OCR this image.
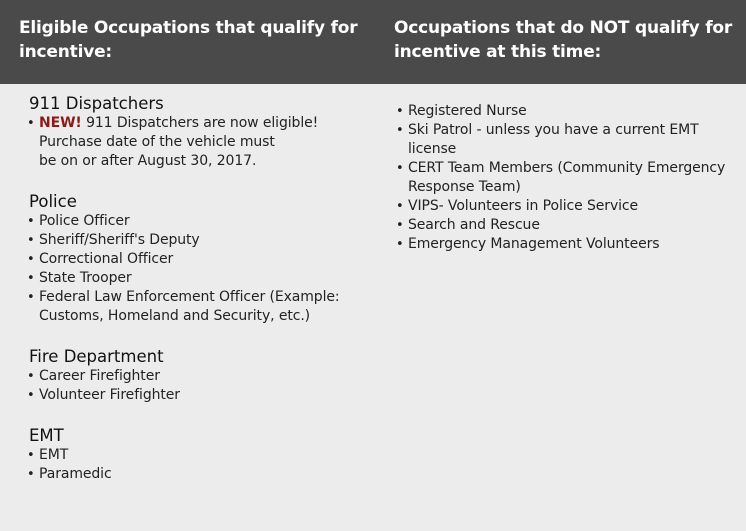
Eligible Occupations that qualify for incentive:
Occupations that do NOT qualify for incentive at this time:
911 Dispatchers
• NEW! 911 Dispatchers are now eligible!
Purchase date of the vehicle must
be on or after August 30, 2017.
Police
• Police Officer
• Sheriff/Sheriff's Deputy
• Correctional Officer
• State Trooper
• Federal Law Enforcement Officer (Example: Customs, Homeland and Security, etc.)
Fire Department
• Career Firefighter
• Volunteer Firefighter
EMT
• EMT
• Paramedic
• Registered Nurse
• Ski Patrol - unless you have a current EMT license
• CERT Team Members (Community Emergency Response Team)
• VIPS- Volunteers in Police Service
• Search and Rescue
• Emergency Management Volunteers
